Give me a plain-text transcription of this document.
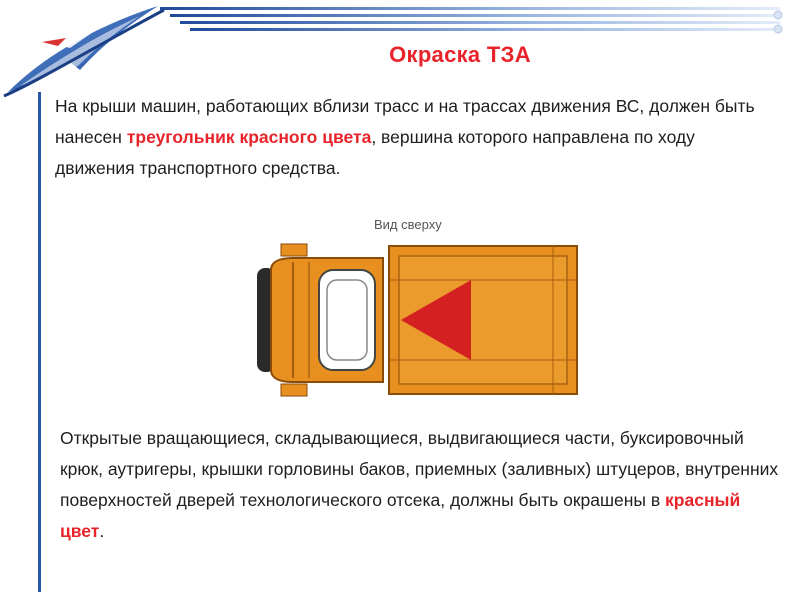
Окраска ТЗА
На крыши машин, работающих вблизи трасс и на трассах движения ВС, должен быть нанесен треугольник красного цвета, вершина которого направлена по ходу движения транспортного средства.
Вид сверху
Открытые вращающиеся, складывающиеся, выдвигающиеся части, буксировочный крюк, аутригеры, крышки горловины баков, приемных (заливных) штуцеров, внутренних поверхностей дверей технологического отсека, должны быть окрашены в красный цвет.
